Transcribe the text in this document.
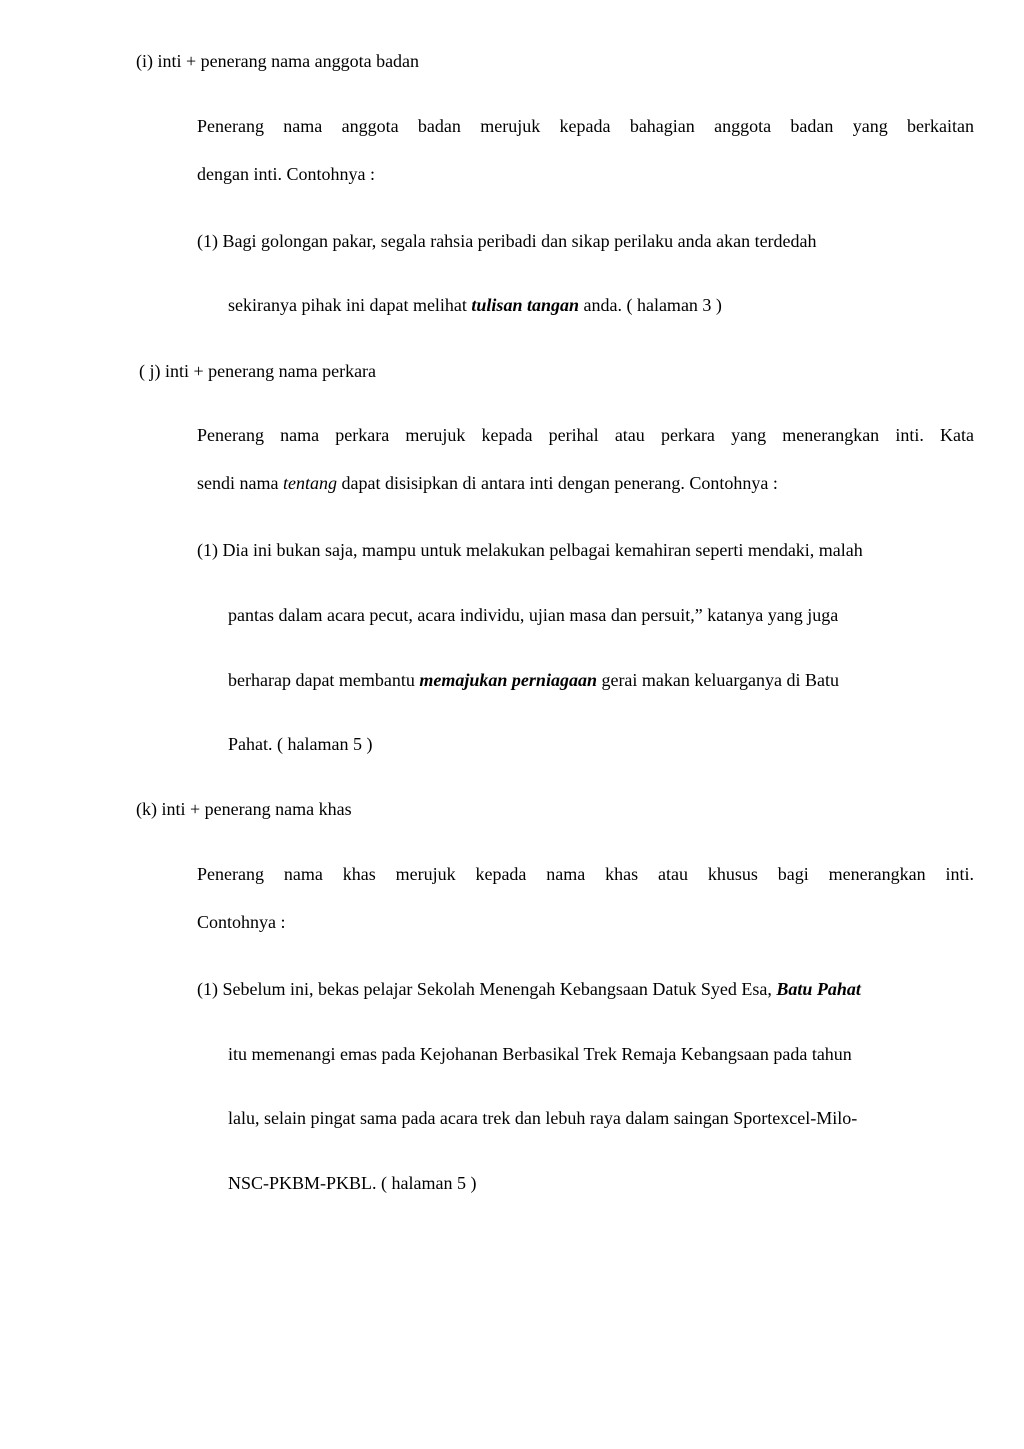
(i) inti + penerang nama anggota badan
Penerang nama anggota badan merujuk kepada bahagian anggota badan yang berkaitan
dengan inti. Contohnya :
(1) Bagi golongan pakar, segala rahsia peribadi dan sikap perilaku anda akan terdedah
sekiranya pihak ini dapat melihat tulisan tangan anda. ( halaman 3 )
( j) inti + penerang nama perkara
Penerang nama perkara merujuk kepada perihal atau perkara yang menerangkan inti. Kata
sendi nama tentang dapat disisipkan di antara inti dengan penerang. Contohnya :
(1) Dia ini bukan saja, mampu untuk melakukan pelbagai kemahiran seperti mendaki, malah
pantas dalam acara pecut, acara individu, ujian masa dan persuit,” katanya yang juga
berharap dapat membantu memajukan perniagaan gerai makan keluarganya di Batu
Pahat. ( halaman 5 )
(k) inti + penerang nama khas
Penerang nama khas merujuk kepada nama khas atau khusus bagi menerangkan inti.
Contohnya :
(1) Sebelum ini, bekas pelajar Sekolah Menengah Kebangsaan Datuk Syed Esa, Batu Pahat
itu memenangi emas pada Kejohanan Berbasikal Trek Remaja Kebangsaan pada tahun
lalu, selain pingat sama pada acara trek dan lebuh raya dalam saingan Sportexcel-Milo-
NSC-PKBM-PKBL. ( halaman 5 )
